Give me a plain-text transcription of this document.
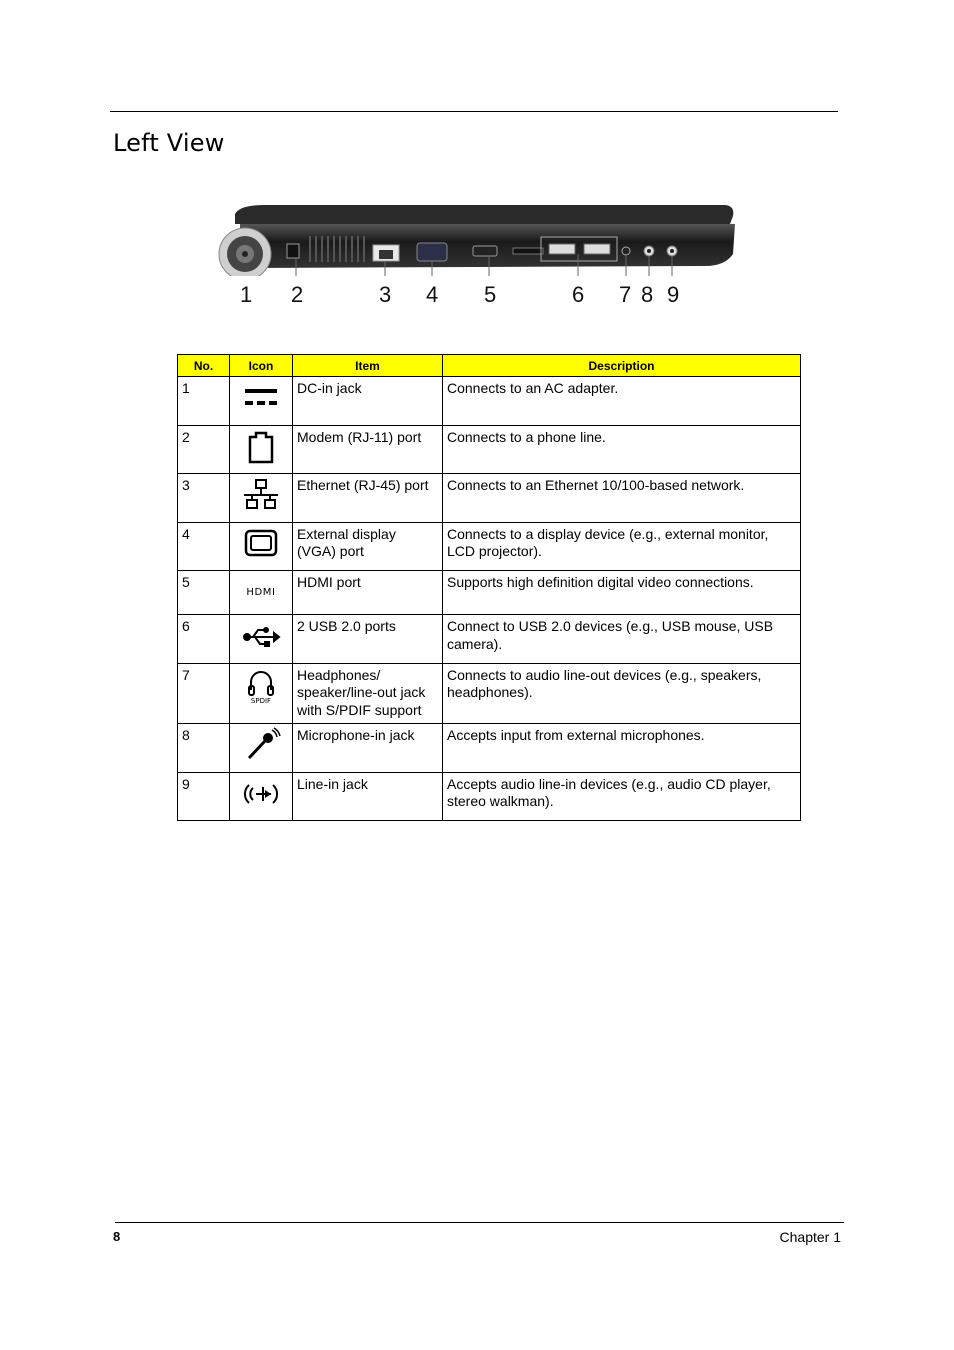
Left View
1 2	3 4 5	6 7 8 9
No.	Icon	Item	Description
1		DC-in jack	Connects to an AC adapter.
2		Modem (RJ-11) port	Connects to a phone line.
3		Ethernet (RJ-45) port	Connects to an Ethernet 10/100-based network.
4		External display (VGA) port	Connects to a display device (e.g., external monitor, LCD projector).
5	HDMI	HDMI port	Supports high definition digital video connections.
6		2 USB 2.0 ports	Connect to USB 2.0 devices (e.g., USB mouse, USB camera).
7	SPDIF	Headphones/ speaker/line-out jack with S/PDIF support	Connects to audio line-out devices (e.g., speakers, headphones).
8		Microphone-in jack	Accepts input from external microphones.
9		Line-in jack	Accepts audio line-in devices (e.g., audio CD player, stereo walkman).
8	Chapter 1
